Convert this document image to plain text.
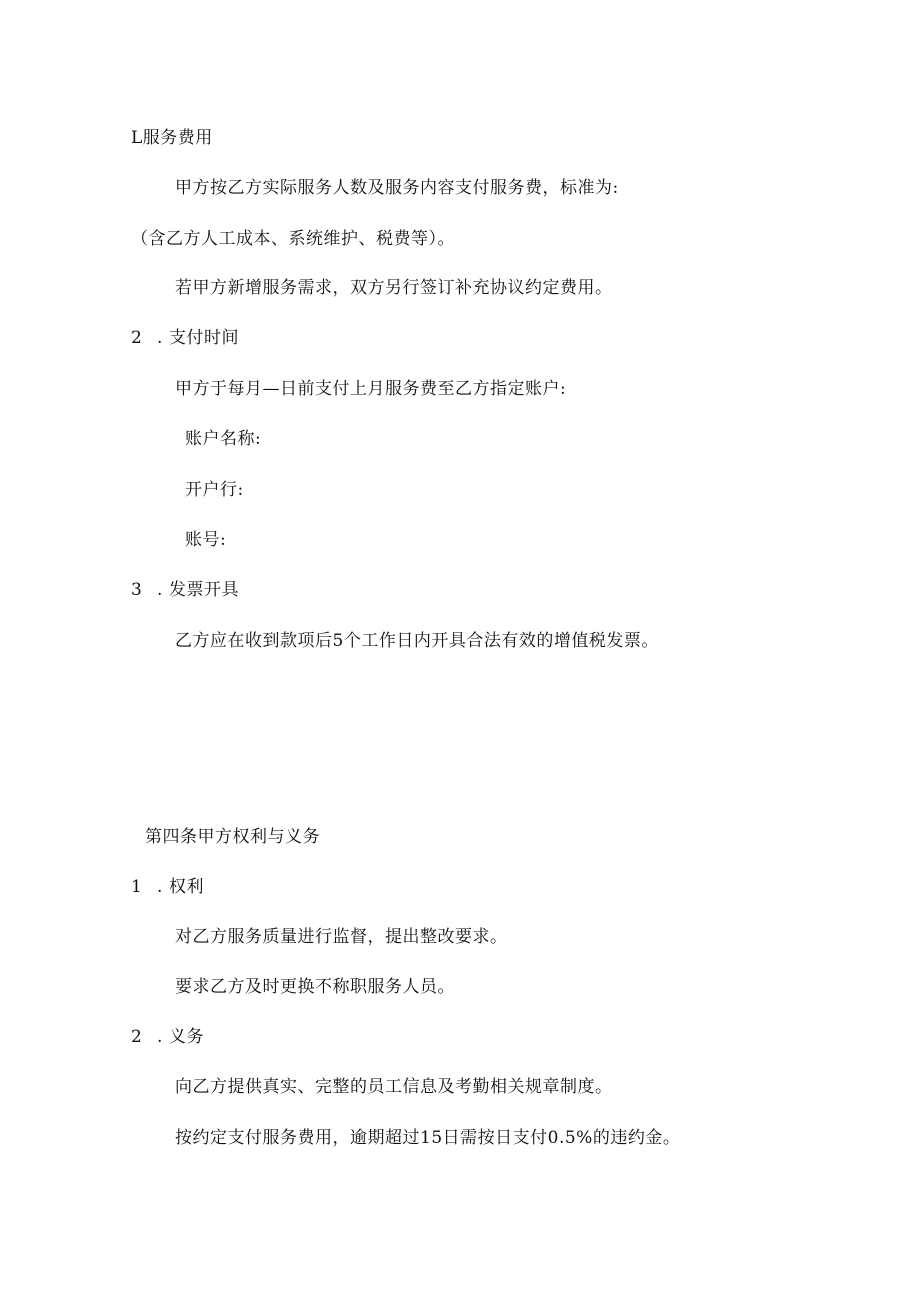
L服务费用
甲方按乙方实际服务人数及服务内容支付服务费，标准为:
（含乙方人工成本、系统维护、税费等）。
若甲方新增服务需求，双方另行签订补充协议约定费用。
2 . 支付时间
甲方于每月—日前支付上月服务费至乙方指定账户:
账户名称:
开户行:
账号:
3 . 发票开具
乙方应在收到款项后5个工作日内开具合法有效的增值税发票。
第四条甲方权利与义务
1 . 权利
对乙方服务质量进行监督，提出整改要求。
要求乙方及时更换不称职服务人员。
2 . 义务
向乙方提供真实、完整的员工信息及考勤相关规章制度。
按约定支付服务费用，逾期超过15日需按日支付0.5%的违约金。
